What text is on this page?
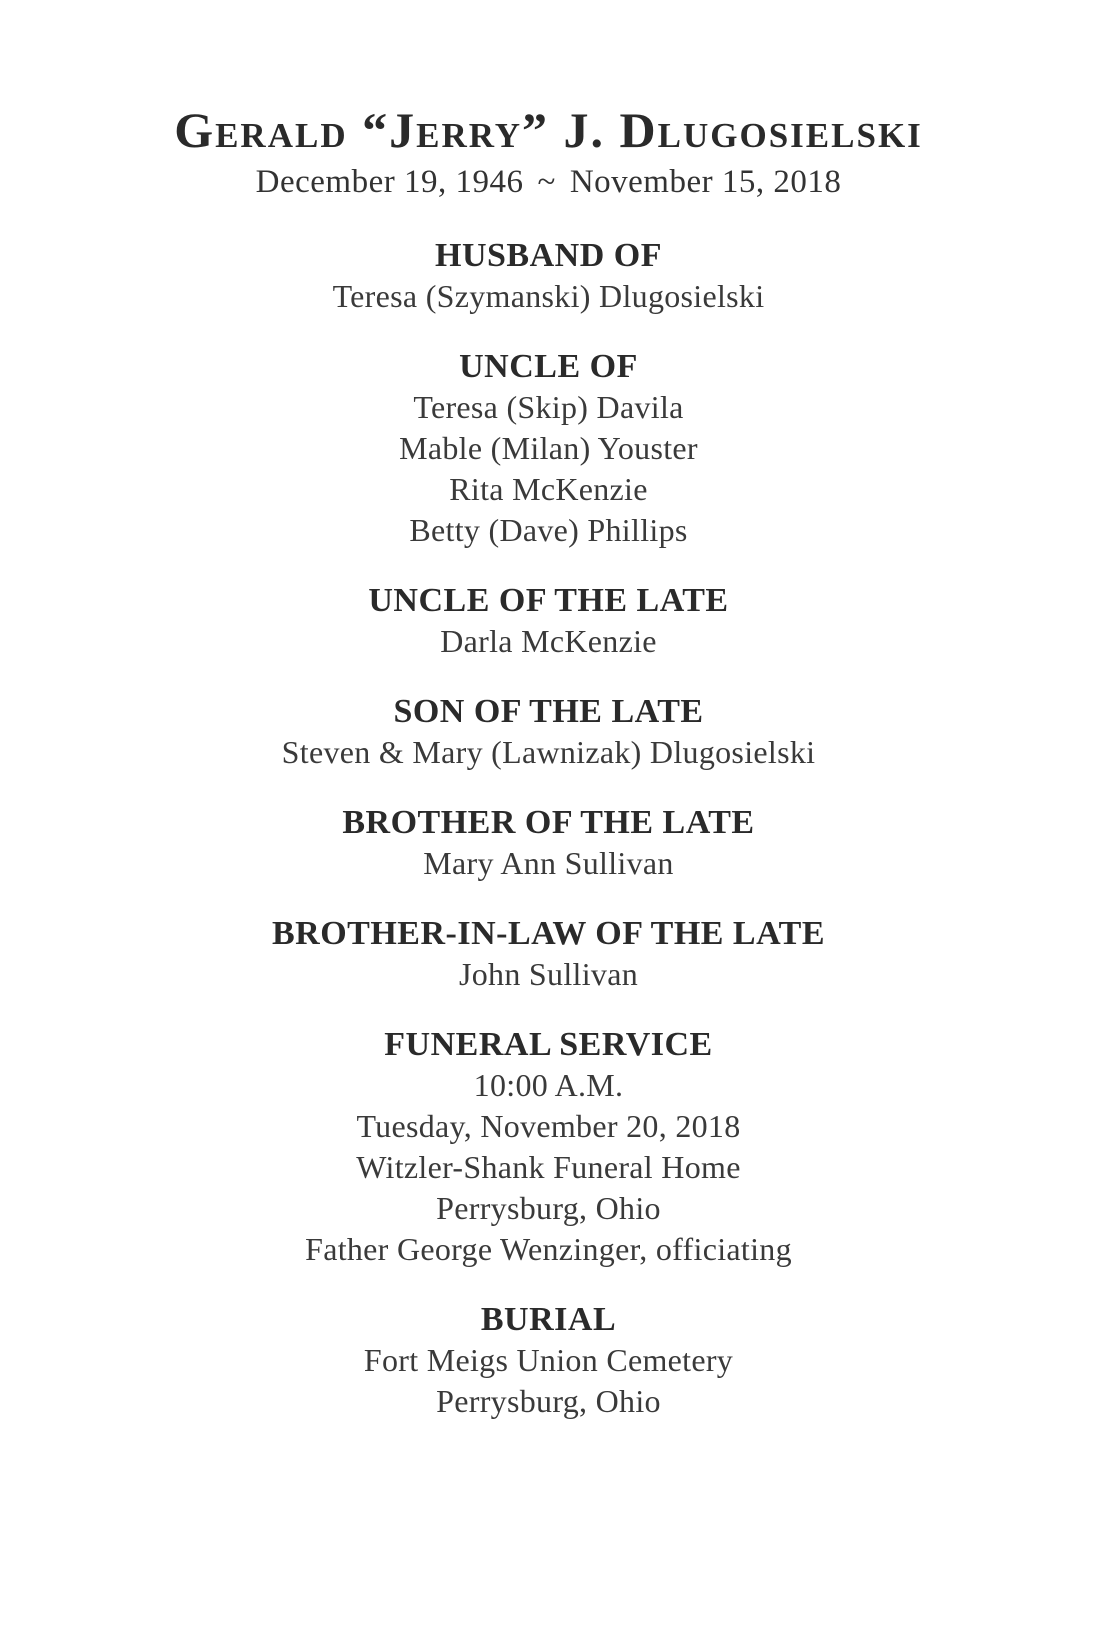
Gerald “Jerry” J. Dlugosielski
December 19, 1946 ~ November 15, 2018
HUSBAND OF
Teresa (Szymanski) Dlugosielski
UNCLE OF
Teresa (Skip) Davila
Mable (Milan) Youster
Rita McKenzie
Betty (Dave) Phillips
UNCLE OF THE LATE
Darla McKenzie
SON OF THE LATE
Steven & Mary (Lawnizak) Dlugosielski
BROTHER OF THE LATE
Mary Ann Sullivan
BROTHER-IN-LAW OF THE LATE
John Sullivan
FUNERAL SERVICE
10:00 A.M.
Tuesday, November 20, 2018
Witzler-Shank Funeral Home
Perrysburg, Ohio
Father George Wenzinger, officiating
BURIAL
Fort Meigs Union Cemetery
Perrysburg, Ohio
